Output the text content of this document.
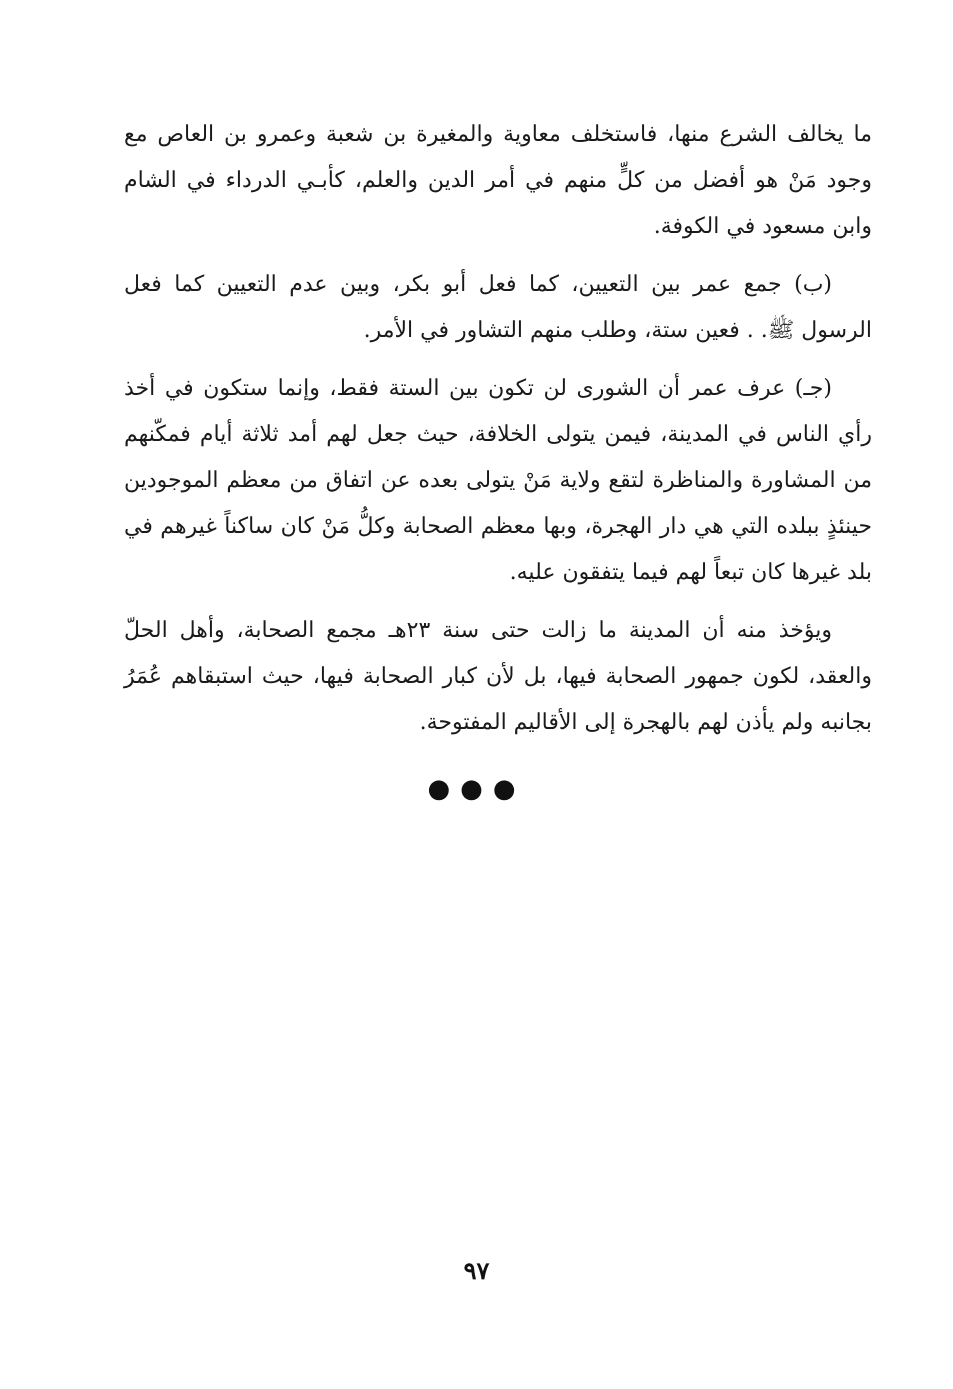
ما يخالف الشرع منها، فاستخلف معاوية والمغيرة بن شعبة وعمرو بن العاص مع وجود مَنْ هو أفضل من كلٍّ منهم في أمر الدين والعلم، كأبـي الدرداء في الشام وابن مسعود في الكوفة.

(ب) جمع عمر بين التعيين، كما فعل أبو بكر، وبين عدم التعيين كما فعل الرسول ﷺ. . فعين ستة، وطلب منهم التشاور في الأمر.

(جـ) عرف عمر أن الشورى لن تكون بين الستة فقط، وإنما ستكون في أخذ رأي الناس في المدينة، فيمن يتولى الخلافة، حيث جعل لهم أمد ثلاثة أيام فمكّنهم من المشاورة والمناظرة لتقع ولاية مَنْ يتولى بعده عن اتفاق من معظم الموجودين حينئذٍ ببلده التي هي دار الهجرة، وبها معظم الصحابة وكلُّ مَنْ كان ساكناً غيرهم في بلد غيرها كان تبعاً لهم فيما يتفقون عليه.

ويؤخذ منه أن المدينة ما زالت حتى سنة ٢٣هـ مجمع الصحابة، وأهل الحلّ والعقد، لكون جمهور الصحابة فيها، بل لأن كبار الصحابة فيها، حيث استبقاهم عُمَرُ بجانبه ولم يأذن لهم بالهجرة إلى الأقاليم المفتوحة.

●●●
٩٧
